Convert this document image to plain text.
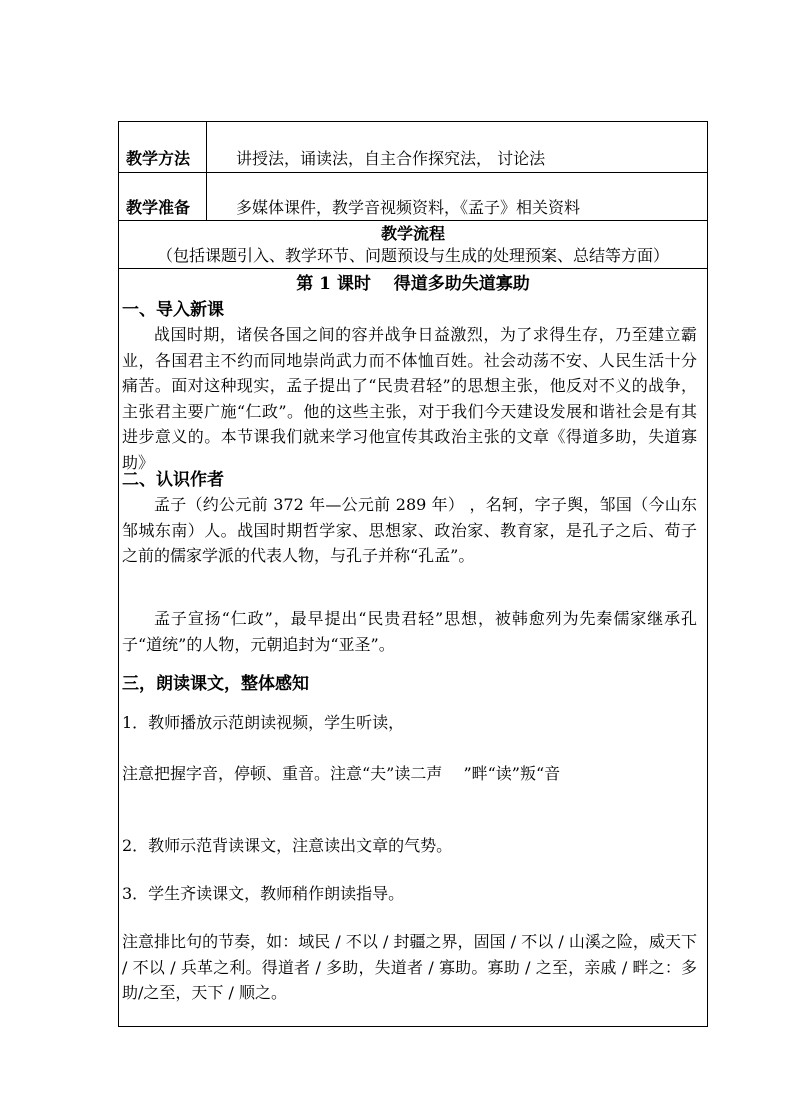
教学方法	讲授法，诵读法，自主合作探究法， 讨论法
教学准备	多媒体课件，教学音视频资料，《孟子》相关资料
教学流程
（包括课题引入、教学环节、问题预设与生成的处理预案、总结等方面）
第 1 课时　 得道多助失道寡助
一、导入新课
战国时期，诸侯各国之间的容并战争日益激烈，为了求得生存，乃至建立霸业，各国君主不约而同地崇尚武力而不体恤百姓。社会动荡不安、人民生活十分痛苦。面对这种现实，孟子提出了“民贵君轻”的思想主张，他反对不义的战争，主张君主要广施“仁政”。他的这些主张，对于我们今天建设发展和谐社会是有其进步意义的。本节课我们就来学习他宣传其政治主张的文章《得道多助，失道寡助》
二、认识作者
孟子（约公元前 372 年—公元前 289 年） ，名轲，字子舆，邹国（今山东邹城东南）人。战国时期哲学家、思想家、政治家、教育家，是孔子之后、荀子之前的儒家学派的代表人物，与孔子并称“孔孟”。
孟子宣扬“仁政”，最早提出“民贵君轻”思想，被韩愈列为先秦儒家继承孔子“道统”的人物，元朝追封为“亚圣”。
三，朗读课文，整体感知
1．教师播放示范朗读视频，学生听读，
注意把握字音，停顿、重音。注意“夫”读二声　 ”畔“读”叛“音
2．教师示范背读课文，注意读出文章的气势。
3．学生齐读课文，教师稍作朗读指导。
注意排比句的节奏，如：域民 / 不以 / 封疆之界，固国 / 不以 / 山溪之险，威天下 / 不以 / 兵革之利。得道者 / 多助，失道者 / 寡助。寡助 / 之至，亲戚 / 畔之：多助/之至，天下 / 顺之。
